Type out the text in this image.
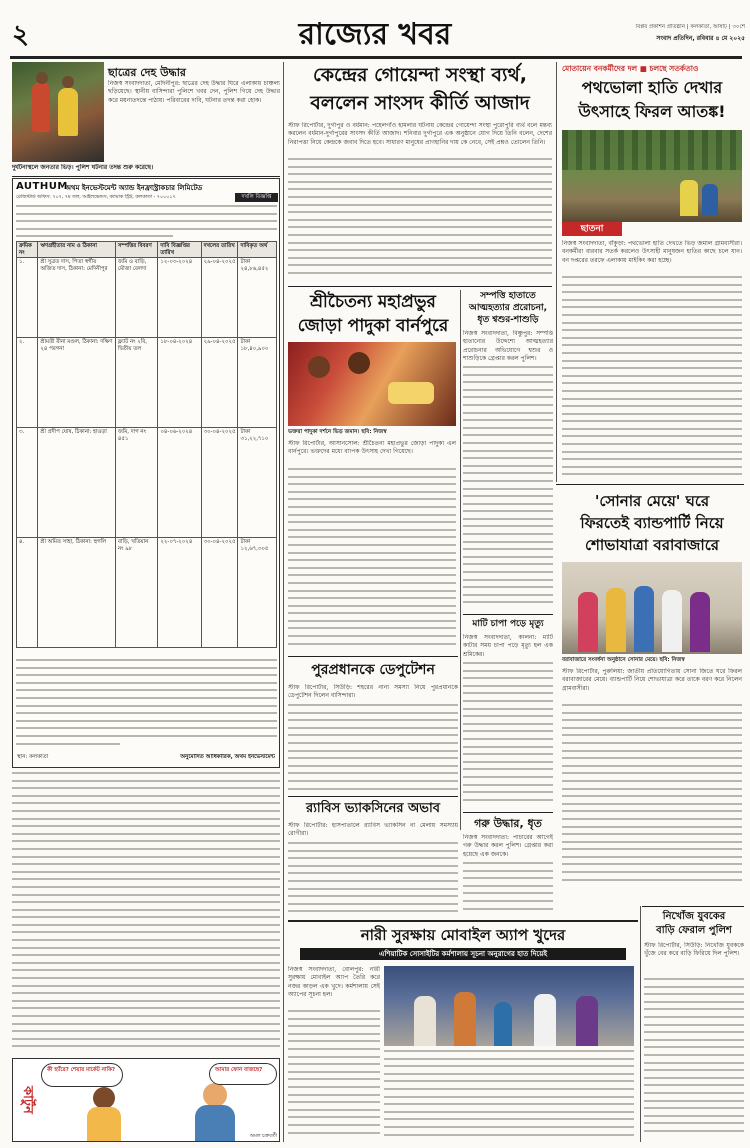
২	রাজ্যের খবর	বিপ্লব প্রকাশন প্রতিষ্ঠান | কলকাতা, আষাঢ় | ৩০শে
সংবাদ প্রতিদিন, রবিবার ৪ মে ২০২৫
ছাত্রের দেহ উদ্ধার
নিজস্ব সংবাদদাতা, মেদিনীপুর: ছাত্রের দেহ উদ্ধার ঘিরে এলাকায় চাঞ্চল্য ছড়িয়েছে। স্থানীয় বাসিন্দারা পুলিশে খবর দেন, পুলিশ গিয়ে দেহ উদ্ধার করে ময়নাতদন্তে পাঠায়। পরিবারের দাবি, ঘটনার তদন্ত করা হোক।
দুর্ঘটনাস্থলে জনতার ভিড়। পুলিশ ঘটনার তদন্ত শুরু করেছে।
AUTHUM
অথম ইনভেস্টমেন্ট অ্যান্ড ইনফ্রাস্ট্রাকচার লিমিটেড
রেজিস্টার্ড অফিস: ৭০৭, ৭ম তল, আইলভেন্ডস, ক্যামাক স্ট্রিট, কলকাতা - ৭০০০১৭	দখলি বিজ্ঞপ্তি
ক্রমিক নং	ঋণগ্রহীতার নাম ও ঠিকানা	সম্পত্তির বিবরণ	দাবি বিজ্ঞপ্তির তারিখ	দখলের তারিখ	দাবিকৃত অর্থ
১.	শ্রী সুব্রত দাস, পিতা স্বর্গীয় অজিত দাস, ঠিকানা: মেদিনীপুর	জমি ও বাড়ি, মৌজা বেলদা	১২-০৩-২০২৪	২৯-০৪-২০২৫	টাকা ২৪,৮৬,৪৫২
২.	শ্রীমতী রীনা মণ্ডল, ঠিকানা: দক্ষিণ ২৪ পরগনা	ফ্ল্যাট নং ২বি, দ্বিতীয় তল	১৮-০৪-২০২৪	২৯-০৪-২০২৫	টাকা ১৮,৪০,৯০০
৩.	শ্রী প্রদীপ ঘোষ, ঠিকানা: হাওড়া	জমি, দাগ নং ৪৫১	০৪-০৬-২০২৪	৩০-০৪-২০২৫	টাকা ৩১,২২,৭১০
৪.	শ্রী অমিত সাহা, ঠিকানা: হুগলি	বাড়ি, খতিয়ান নং ৯৮	২২-০৭-২০২৪	৩০-০৪-২০২৫	টাকা ১২,৬৭,৩০৫
স্থান: কলকাতা	অনুমোদিত আধিকারিক, অথম ইনভেস্টমেন্ট
কার্টুন
কী হ্যাঁরে? শেয়ার মার্কেট নাকি?	আমার ফোন বাজছে?
অমল চক্রবর্তী
কেন্দ্রের গোয়েন্দা সংস্থা ব্যর্থ,
বললেন সাংসদ কীর্তি আজাদ
স্টাফ রিপোর্টার, দুর্গাপুর ও বর্ধমান: পহেলগাঁও হামলার ঘটনায় কেন্দ্রের গোয়েন্দা সংস্থা পুরোপুরি ব্যর্থ বলে মন্তব্য করলেন বর্ধমান-দুর্গাপুরের সাংসদ কীর্তি আজাদ। শনিবার দুর্গাপুরে এক অনুষ্ঠানে যোগ দিয়ে তিনি বলেন, দেশের নিরাপত্তা নিয়ে কেন্দ্রকে জবাব দিতে হবে। সাধারণ মানুষের প্রাণহানির দায় কে নেবে, সেই প্রশ্নও তোলেন তিনি।
শ্রীচৈতন্য মহাপ্রভুর
জোড়া পাদুকা বার্নপুরে
ভক্তরা পাদুকা দর্শনে ভিড় জমান। ছবি: নিজস্ব
স্টাফ রিপোর্টার, আসানসোল: শ্রীচৈতন্য মহাপ্রভুর জোড়া পাদুকা এল বার্নপুরে। ভক্তদের মধ্যে ব্যাপক উৎসাহ দেখা গিয়েছে।
সম্পত্তি হাতাতে
আত্মহত্যার প্ররোচনা,
ধৃত শ্বশুর-শাশুড়ি
নিজস্ব সংবাদদাতা, বিষ্ণুপুর: সম্পত্তি হাতানোর উদ্দেশ্যে আত্মহত্যার প্ররোচনার অভিযোগে শ্বশুর ও শাশুড়িকে গ্রেপ্তার করল পুলিশ।
মাটি চাপা পড়ে মৃত্যু
নিজস্ব সংবাদদাতা, কালনা: মাটি কাটার সময় চাপা পড়ে মৃত্যু হল এক শ্রমিকের।
পুরপ্রধানকে ডেপুটেশন
স্টাফ রিপোর্টার, সিউড়ি: শহরের নানা সমস্যা নিয়ে পুরপ্রধানকে ডেপুটেশন দিলেন বাসিন্দারা।
র‍্যাবিস ভ্যাকসিনের অভাব
স্টাফ রিপোর্টার: হাসপাতালে র‍্যাবিস ভ্যাকসিন না মেলায় সমস্যায় রোগীরা।
গরু উদ্ধার, ধৃত
নিজস্ব সংবাদদাতা: পাচারের আগেই গরু উদ্ধার করল পুলিশ। গ্রেপ্তার করা হয়েছে এক জনকে।
মোতায়েন বনকর্মীদের দল ■ চলছে সতর্কতাও
পথভোলা হাতি দেখার
উৎসাহে ফিরল আতঙ্ক!
ছাতনা
নিজস্ব সংবাদদাতা, বাঁকুড়া: পথভোলা হাতি দেখতে ভিড় জমাল গ্রামবাসীরা। বনকর্মীরা বারবার সতর্ক করলেও উৎসাহী মানুষজন হাতির কাছে চলে যান। বন দপ্তরের তরফে এলাকায় মাইকিং করা হচ্ছে।
'সোনার মেয়ে' ঘরে
ফিরতেই ব্যান্ডপার্টি নিয়ে
শোভাযাত্রা বরাবাজারে
বরাবাজারে সংবর্ধনা অনুষ্ঠানে সোনার মেয়ে। ছবি: নিজস্ব
স্টাফ রিপোর্টার, পুরুলিয়া: জাতীয় প্রতিযোগিতায় সোনা জিতে ঘরে ফিরল বরাবাজারের মেয়ে। ব্যান্ডপার্টি নিয়ে শোভাযাত্রা করে তাকে বরণ করে নিলেন গ্রামবাসীরা।
নিখোঁজ যুবকের
বাড়ি ফেরাল পুলিশ
স্টাফ রিপোর্টার, সিউড়ি: নিখোঁজ যুবককে খুঁজে বের করে বাড়ি ফিরিয়ে দিল পুলিশ।
নারী সুরক্ষায় মোবাইল অ্যাপ খুদের
এশিয়াটিক সোসাইটির কর্মশালায় সূচনা অনুরাগের হাত দিয়েই
নিজস্ব সংবাদদাতা, বোলপুর: নারী সুরক্ষায় মোবাইল অ্যাপ তৈরি করে নজর কাড়ল এক খুদে। কর্মশালায় সেই অ্যাপের সূচনা হল।
